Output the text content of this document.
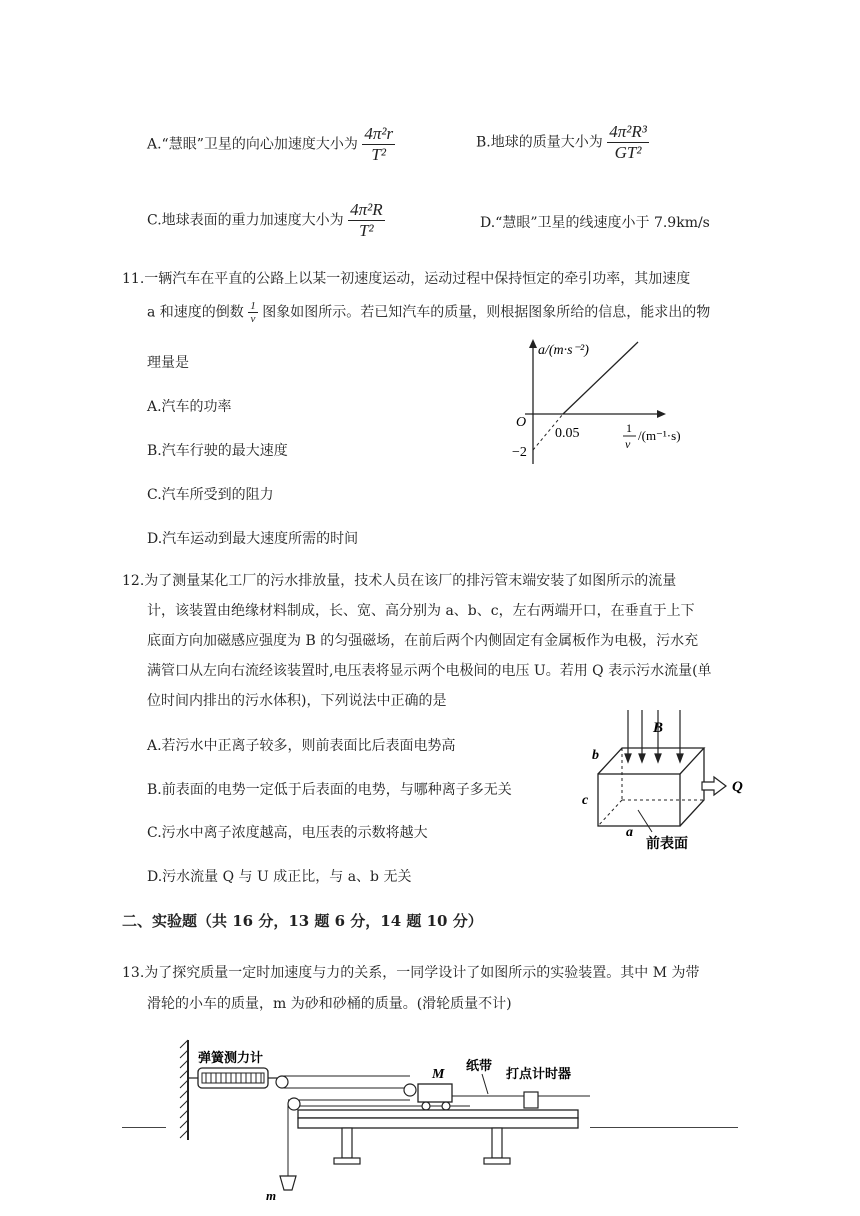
A.“慧眼”卫星的向心加速度大小为 $\frac{\text{4π²r}}{\text{T²}}$	B.地球的质量大小为 $\frac{\text{4π²R³}}{\text{GT²}}$
C.地球表面的重力加速度大小为 $\frac{\text{4π²R}}{\text{T²}}$	D.“慧眼”卫星的线速度小于 7.9km/s
11.一辆汽车在平直的公路上以某一初速度运动，运动过程中保持恒定的牵引功率，其加速度
a 和速度的倒数 $\frac{1}{v}$ 图象如图所示。若已知汽车的质量，则根据图象所给的信息，能求出的物
理量是
A.汽车的功率
B.汽车行驶的最大速度
C.汽车所受到的阻力
D.汽车运动到最大速度所需的时间
a/(m·s⁻²)
O
0.05
−2
1
v
/(m⁻¹·s)
12.为了测量某化工厂的污水排放量，技术人员在该厂的排污管末端安装了如图所示的流量
计，该装置由绝缘材料制成，长、宽、高分别为 a、b、c，左右两端开口，在垂直于上下
底面方向加磁感应强度为 B 的匀强磁场，在前后两个内侧固定有金属板作为电极，污水充
满管口从左向右流经该装置时,电压表将显示两个电极间的电压 U。若用 Q 表示污水流量(单
位时间内排出的污水体积)，下列说法中正确的是
A.若污水中正离子较多，则前表面比后表面电势高
B.前表面的电势一定低于后表面的电势，与哪种离子多无关
C.污水中离子浓度越高，电压表的示数将越大
D.污水流量 Q 与 U 成正比，与 a、b 无关
B
b
c
a
Q
前表面
二、实验题（共 16 分，13 题 6 分，14 题 10 分）
13.为了探究质量一定时加速度与力的关系，一同学设计了如图所示的实验装置。其中 M 为带
滑轮的小车的质量，m 为砂和砂桶的质量。(滑轮质量不计)
弹簧测力计
M
纸带
打点计时器
m
